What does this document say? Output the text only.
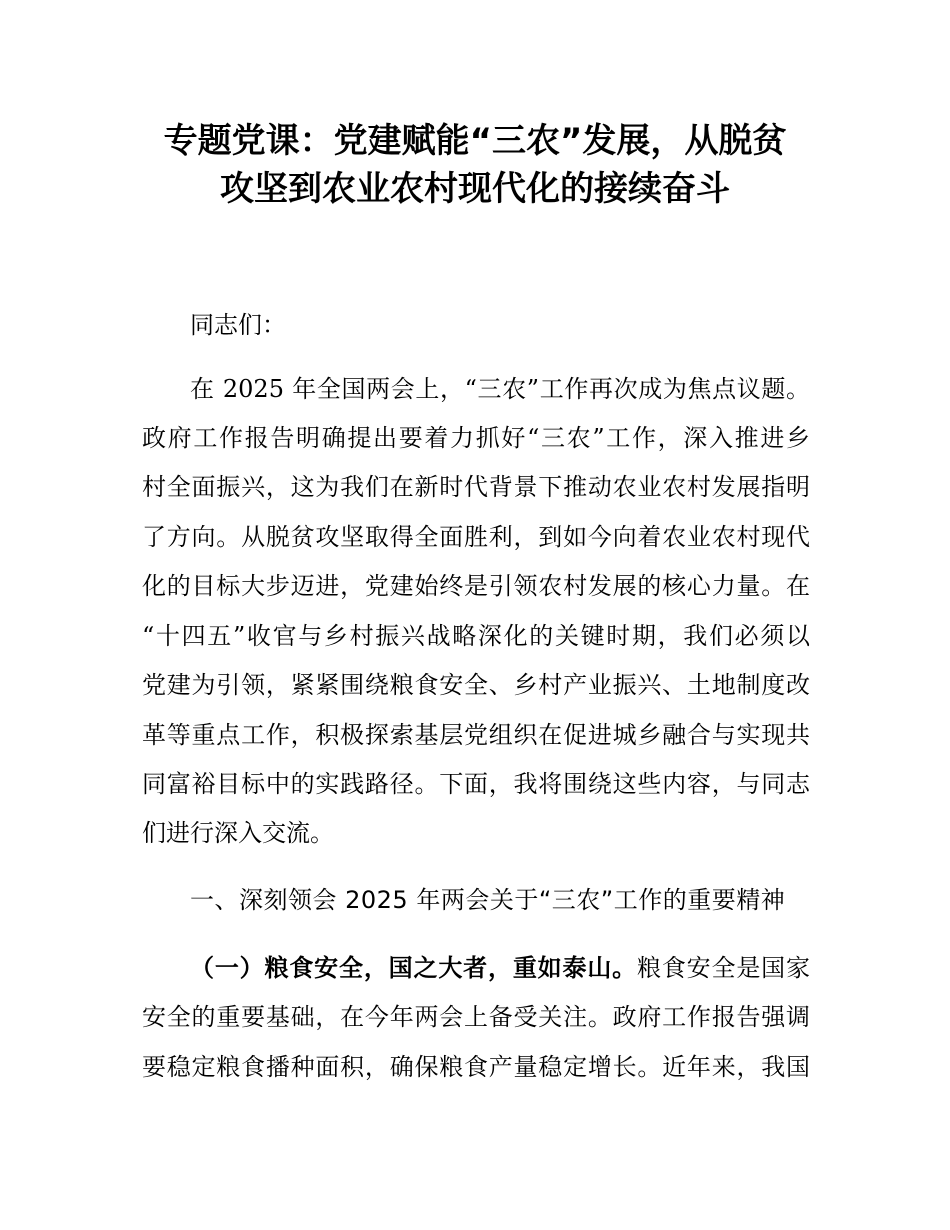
专题党课：党建赋能“三农”发展，从脱贫
攻坚到农业农村现代化的接续奋斗
同志们：
在 2025 年全国两会上，“三农”工作再次成为焦点议题。
政府工作报告明确提出要着力抓好“三农”工作，深入推进乡
村全面振兴，这为我们在新时代背景下推动农业农村发展指明
了方向。从脱贫攻坚取得全面胜利，到如今向着农业农村现代
化的目标大步迈进，党建始终是引领农村发展的核心力量。在
“十四五”收官与乡村振兴战略深化的关键时期，我们必须以
党建为引领，紧紧围绕粮食安全、乡村产业振兴、土地制度改
革等重点工作，积极探索基层党组织在促进城乡融合与实现共
同富裕目标中的实践路径。下面，我将围绕这些内容，与同志
们进行深入交流。
一、深刻领会 2025 年两会关于“三农”工作的重要精神
（一）粮食安全，国之大者，重如泰山。粮食安全是国家
安全的重要基础，在今年两会上备受关注。政府工作报告强调
要稳定粮食播种面积，确保粮食产量稳定增长。近年来，我国
